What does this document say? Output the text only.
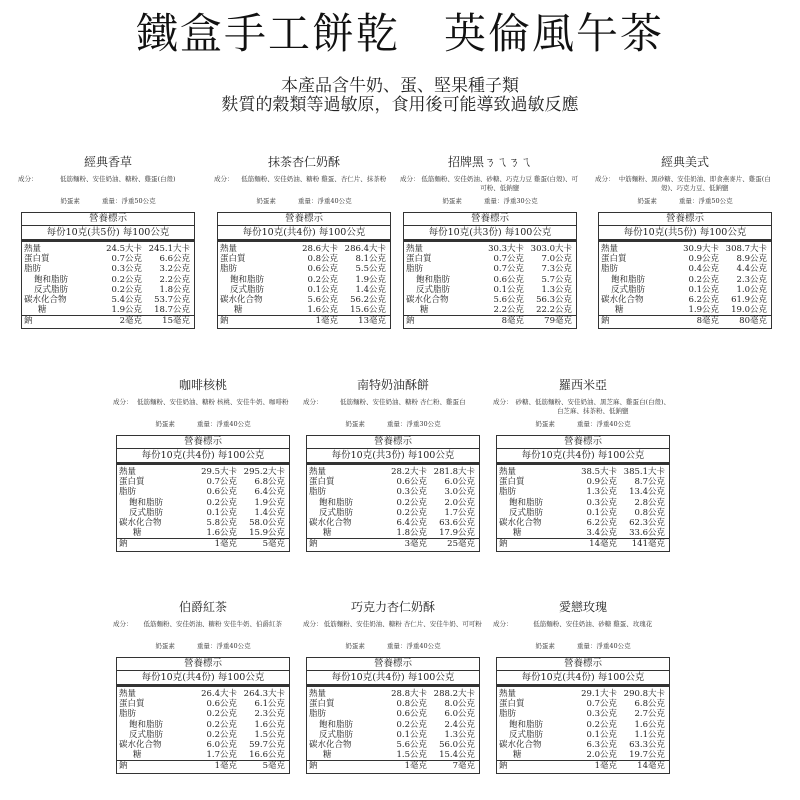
鐵盒手工餅乾　英倫風午茶
本產品含牛奶、蛋、堅果種子類
麩質的穀類等過敏原，食用後可能導致過敏反應
經典香草
成分：	低筋麵粉、安佳奶油、糖粉、雞蛋(白殼)
奶蛋素	重量：淨重50公克
營養標示
每份10克(共5份) 每100公克
熱量	24.5大卡 245.1大卡
蛋白質	0.7公克	6.6公克
脂肪	0.3公克	3.2公克
飽和脂肪	0.2公克	2.2公克
反式脂肪	0.2公克	1.8公克
碳水化合物	5.4公克	53.7公克
糖	1.9公克	18.7公克
鈉	2毫克	15毫克
抹茶杏仁奶酥
成分：	低筋麵粉、安佳奶油、糖粉 雞蛋、杏仁片、抹茶粉
奶蛋素	重量：淨重40公克
營養標示
每份10克(共4份) 每100公克
熱量	28.6大卡 286.4大卡
蛋白質	0.8公克	8.1公克
脂肪	0.6公克	5.5公克
飽和脂肪	0.2公克	1.9公克
反式脂肪	0.1公克	1.4公克
碳水化合物	5.6公克	56.2公克
糖	1.6公克	15.6公克
鈉	1毫克	13毫克
招牌黑ㄋㄟㄋㄟ
成分： 低筋麵粉、安佳奶油、砂糖、巧克力豆 雞蛋(白殼)、可可粉、低鈉鹽
奶蛋素	重量：淨重30公克
營養標示
每份10克(共3份) 每100公克
熱量	30.3大卡 303.0大卡
蛋白質	0.7公克	7.0公克
脂肪	0.7公克	7.3公克
飽和脂肪	0.6公克	5.7公克
反式脂肪	0.1公克	1.3公克
碳水化合物	5.6公克	56.3公克
糖	2.2公克	22.2公克
鈉	8毫克	79毫克
經典美式
成分： 中筋麵粉、黑砂糖、安佳奶油、即食燕麥片、雞蛋(白殼)、巧克力豆、低鈉鹽
奶蛋素	重量：淨重50公克
營養標示
每份10克(共5份) 每100公克
熱量	30.9大卡 308.7大卡
蛋白質	0.9公克	8.9公克
脂肪	0.4公克	4.4公克
飽和脂肪	0.2公克	2.3公克
反式脂肪	0.1公克	1.0公克
碳水化合物	6.2公克	61.9公克
糖	1.9公克	19.0公克
鈉	8毫克	80毫克
咖啡核桃
成分： 低筋麵粉、安佳奶油、糖粉 核桃、安佳牛奶、咖啡粉
奶蛋素	重量：淨重40公克
營養標示
每份10克(共4份) 每100公克
熱量	29.5大卡 295.2大卡
蛋白質	0.7公克	6.8公克
脂肪	0.6公克	6.4公克
飽和脂肪	0.2公克	1.9公克
反式脂肪	0.1公克	1.4公克
碳水化合物	5.8公克	58.0公克
糖	1.6公克	15.9公克
鈉	1毫克	5毫克
南特奶油酥餅
成分：	低筋麵粉、安佳奶油、糖粉 杏仁粉、雞蛋白
奶蛋素	重量：淨重30公克
營養標示
每份10克(共3份) 每100公克
熱量	28.2大卡 281.8大卡
蛋白質	0.6公克	6.0公克
脂肪	0.3公克	3.0公克
飽和脂肪	0.2公克	2.0公克
反式脂肪	0.2公克	1.7公克
碳水化合物	6.4公克	63.6公克
糖	1.8公克	17.9公克
鈉	3毫克	25毫克
羅西米亞
成分： 砂糖、低筋麵粉、安佳奶油、黑芝麻、雞蛋白(白殼)、白芝麻、抹茶粉、低鈉鹽
奶蛋素	重量：淨重40公克
營養標示
每份10克(共4份) 每100公克
熱量	38.5大卡 385.1大卡
蛋白質	0.9公克	8.7公克
脂肪	1.3公克	13.4公克
飽和脂肪	0.3公克	2.8公克
反式脂肪	0.1公克	0.8公克
碳水化合物	6.2公克	62.3公克
糖	3.4公克	33.6公克
鈉	14毫克	141毫克
伯爵紅茶
成分：	低筋麵粉、安佳奶油、糖粉 安佳牛奶、伯爵紅茶
奶蛋素	重量：淨重40公克
營養標示
每份10克(共4份) 每100公克
熱量	26.4大卡 264.3大卡
蛋白質	0.6公克	6.1公克
脂肪	0.2公克	2.3公克
飽和脂肪	0.2公克	1.6公克
反式脂肪	0.2公克	1.5公克
碳水化合物	6.0公克	59.7公克
糖	1.7公克	16.6公克
鈉	1毫克	5毫克
巧克力杏仁奶酥
成分： 低筋麵粉、安佳奶油、糖粉 杏仁片、安佳牛奶、可可粉
奶蛋素	重量：淨重40公克
營養標示
每份10克(共4份) 每100公克
熱量	28.8大卡 288.2大卡
蛋白質	0.8公克	8.0公克
脂肪	0.6公克	6.0公克
飽和脂肪	0.2公克	2.4公克
反式脂肪	0.1公克	1.3公克
碳水化合物	5.6公克	56.0公克
糖	1.5公克	15.4公克
鈉	1毫克	7毫克
愛戀玫瑰
成分：	低筋麵粉、安佳奶油、砂糖 雞蛋、玫瑰花
奶蛋素	重量：淨重40公克
營養標示
每份10克(共4份) 每100公克
熱量	29.1大卡 290.8大卡
蛋白質	0.7公克	6.8公克
脂肪	0.3公克	2.7公克
飽和脂肪	0.2公克	1.6公克
反式脂肪	0.1公克	1.1公克
碳水化合物	6.3公克	63.3公克
糖	2.0公克	19.7公克
鈉	1毫克	14毫克
